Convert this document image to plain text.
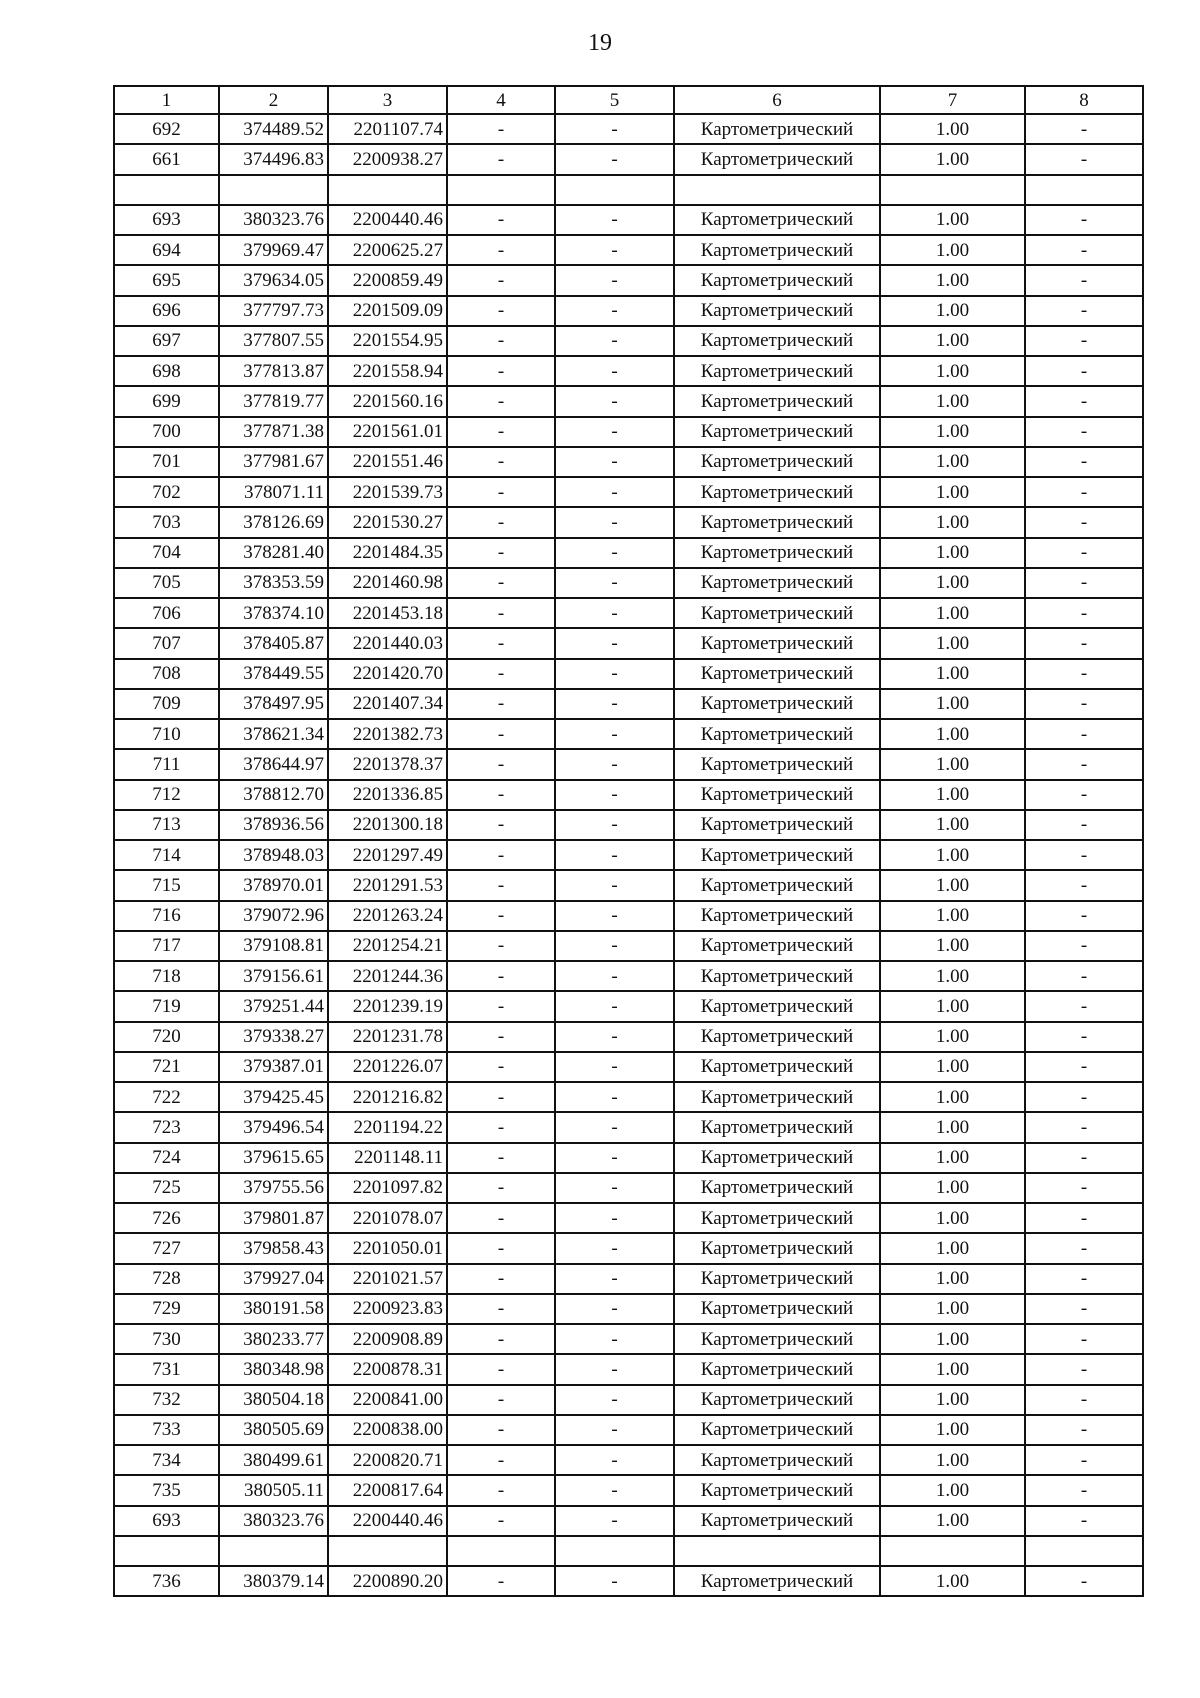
19
1	2	3	4	5	6	7	8
692	374489.52	2201107.74	-	-	Картометрический	1.00	-
661	374496.83	2200938.27	-	-	Картометрический	1.00	-

693	380323.76	2200440.46	-	-	Картометрический	1.00	-
694	379969.47	2200625.27	-	-	Картометрический	1.00	-
695	379634.05	2200859.49	-	-	Картометрический	1.00	-
696	377797.73	2201509.09	-	-	Картометрический	1.00	-
697	377807.55	2201554.95	-	-	Картометрический	1.00	-
698	377813.87	2201558.94	-	-	Картометрический	1.00	-
699	377819.77	2201560.16	-	-	Картометрический	1.00	-
700	377871.38	2201561.01	-	-	Картометрический	1.00	-
701	377981.67	2201551.46	-	-	Картометрический	1.00	-
702	378071.11	2201539.73	-	-	Картометрический	1.00	-
703	378126.69	2201530.27	-	-	Картометрический	1.00	-
704	378281.40	2201484.35	-	-	Картометрический	1.00	-
705	378353.59	2201460.98	-	-	Картометрический	1.00	-
706	378374.10	2201453.18	-	-	Картометрический	1.00	-
707	378405.87	2201440.03	-	-	Картометрический	1.00	-
708	378449.55	2201420.70	-	-	Картометрический	1.00	-
709	378497.95	2201407.34	-	-	Картометрический	1.00	-
710	378621.34	2201382.73	-	-	Картометрический	1.00	-
711	378644.97	2201378.37	-	-	Картометрический	1.00	-
712	378812.70	2201336.85	-	-	Картометрический	1.00	-
713	378936.56	2201300.18	-	-	Картометрический	1.00	-
714	378948.03	2201297.49	-	-	Картометрический	1.00	-
715	378970.01	2201291.53	-	-	Картометрический	1.00	-
716	379072.96	2201263.24	-	-	Картометрический	1.00	-
717	379108.81	2201254.21	-	-	Картометрический	1.00	-
718	379156.61	2201244.36	-	-	Картометрический	1.00	-
719	379251.44	2201239.19	-	-	Картометрический	1.00	-
720	379338.27	2201231.78	-	-	Картометрический	1.00	-
721	379387.01	2201226.07	-	-	Картометрический	1.00	-
722	379425.45	2201216.82	-	-	Картометрический	1.00	-
723	379496.54	2201194.22	-	-	Картометрический	1.00	-
724	379615.65	2201148.11	-	-	Картометрический	1.00	-
725	379755.56	2201097.82	-	-	Картометрический	1.00	-
726	379801.87	2201078.07	-	-	Картометрический	1.00	-
727	379858.43	2201050.01	-	-	Картометрический	1.00	-
728	379927.04	2201021.57	-	-	Картометрический	1.00	-
729	380191.58	2200923.83	-	-	Картометрический	1.00	-
730	380233.77	2200908.89	-	-	Картометрический	1.00	-
731	380348.98	2200878.31	-	-	Картометрический	1.00	-
732	380504.18	2200841.00	-	-	Картометрический	1.00	-
733	380505.69	2200838.00	-	-	Картометрический	1.00	-
734	380499.61	2200820.71	-	-	Картометрический	1.00	-
735	380505.11	2200817.64	-	-	Картометрический	1.00	-
693	380323.76	2200440.46	-	-	Картометрический	1.00	-

736	380379.14	2200890.20	-	-	Картометрический	1.00	-
